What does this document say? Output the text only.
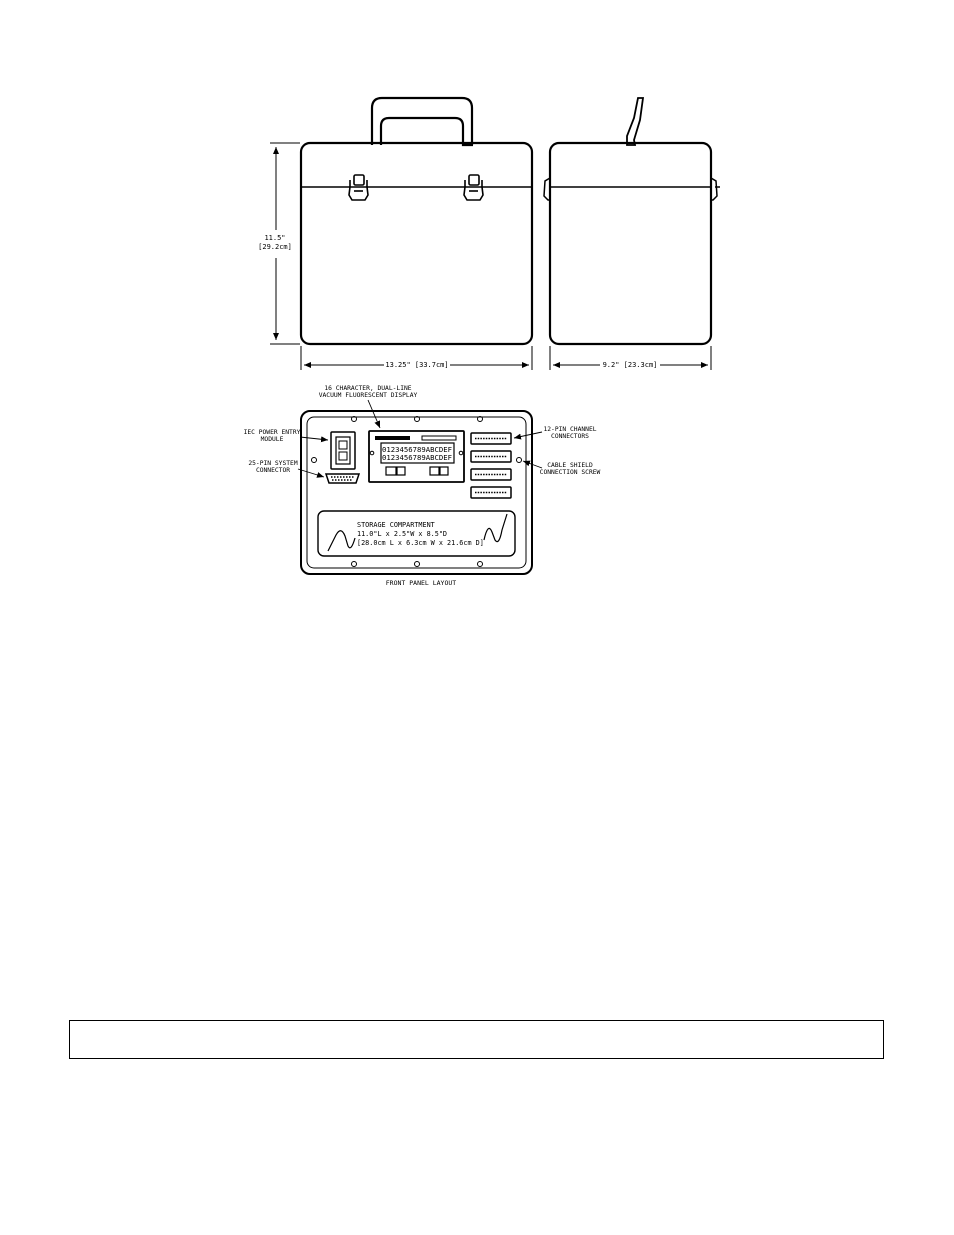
11.5"
[29.2cm]
13.25" [33.7cm]	9.2" [23.3cm]
0123456789ABCDEF
0123456789ABCDEF
STORAGE COMPARTMENT
11.0"L x 2.5"W x 8.5"D
[28.0cm L x 6.3cm W x 21.6cm D]
FRONT PANEL LAYOUT
16 CHARACTER, DUAL-LINE
VACUUM FLUORESCENT DISPLAY
IEC POWER ENTRY
MODULE
25-PIN SYSTEM
CONNECTOR
12-PIN CHANNEL
CONNECTORS
CABLE SHIELD
CONNECTION SCREW
